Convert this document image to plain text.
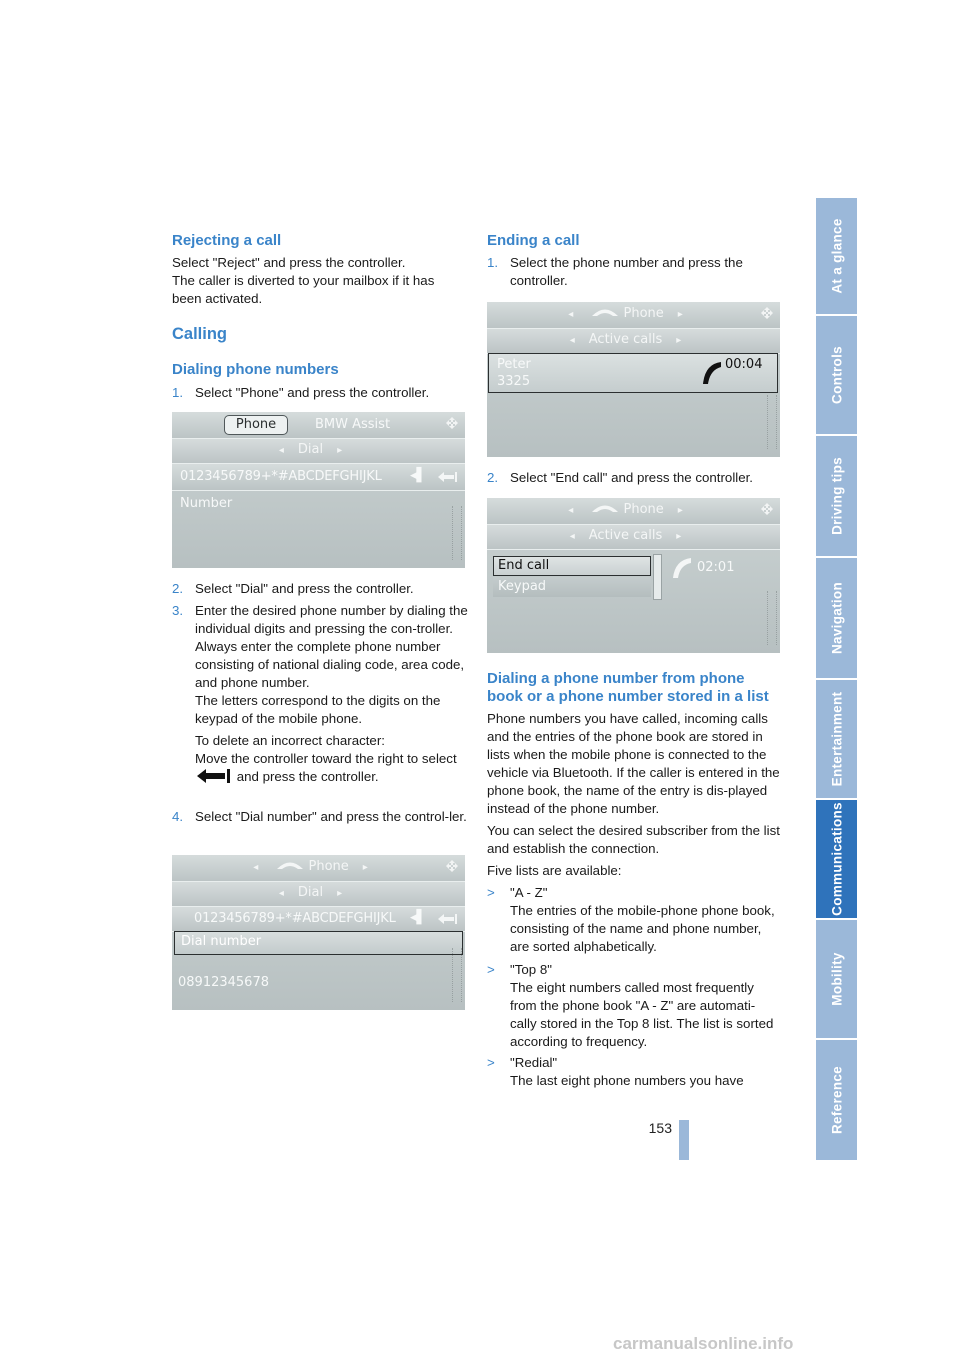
Rejecting a call

Select "Reject" and press the controller.

The caller is diverted to your mailbox if it has been activated.

Calling
Dialing phone numbers
1. Select "Phone" and press the controller.
2. Select "Dial" and press the controller.
3. Enter the desired phone number by dialing the individual digits and pressing the con-troller.

Always enter the complete phone number consisting of national dialing code, area code, and phone number.

The letters correspond to the digits on the keypad of the mobile phone.

To delete an incorrect character:

Move the controller toward the right to select  and press the controller.

4. Select "Dial number" and press the control-ler.
Phone	BMW Assist
◂ Dial ▸
0123456789+*#ABCDEFGHIJKL ◂▌
Number
◂	Phone ▸
◂ Dial ▸
0123456789+*#ABCDEFGHIJKL ◂▌
Dial number
08912345678
Ending a call
1. Select the phone number and press the controller.
2. Select "End call" and press the controller.
Dialing a phone number from phone book or a phone number stored in a list

Phone numbers you have called, incoming calls and the entries of the phone book are stored in lists when the mobile phone is connected to the vehicle via Bluetooth. If the caller is entered in the phone book, the name of the entry is dis-played instead of the phone number.

You can select the desired subscriber from the list and establish the connection.

Five lists are available:

> "A - Z"

The entries of the mobile-phone phone book, consisting of the name and phone number, are sorted alphabetically.

> "Top 8"

The eight numbers called most frequently from the phone book "A - Z" are automati-cally stored in the Top 8 list. The list is sorted according to frequency.

> "Redial"

The last eight phone numbers you have

◂	Phone ▸
◂ Active calls ▸
Peter
3325
00:04
◂	Phone ▸
◂ Active calls ▸
End call
Keypad
02:01
At a glance
Controls
Driving tips
Navigation
Entertainment
Communications
Mobility
Reference
153
carmanualsonline.info
